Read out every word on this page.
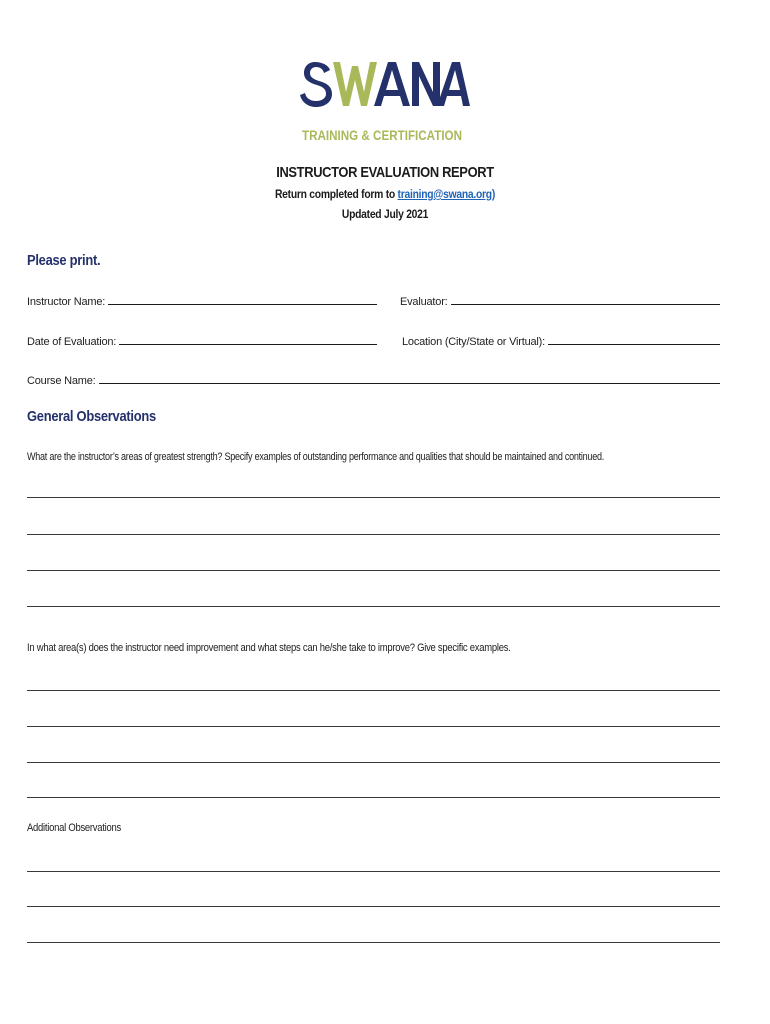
TRAINING & CERTIFICATION
INSTRUCTOR EVALUATION REPORT
Return completed form to training@swana.org)
Updated July 2021
Please print.
Instructor Name:	Evaluator:
Date of Evaluation:	Location (City/State or Virtual):
Course Name:
General Observations
What are the instructor’s areas of greatest strength? Specify examples of outstanding performance and qualities that should be maintained and continued.
In what area(s) does the instructor need improvement and what steps can he/she take to improve? Give specific examples.
Additional Observations
